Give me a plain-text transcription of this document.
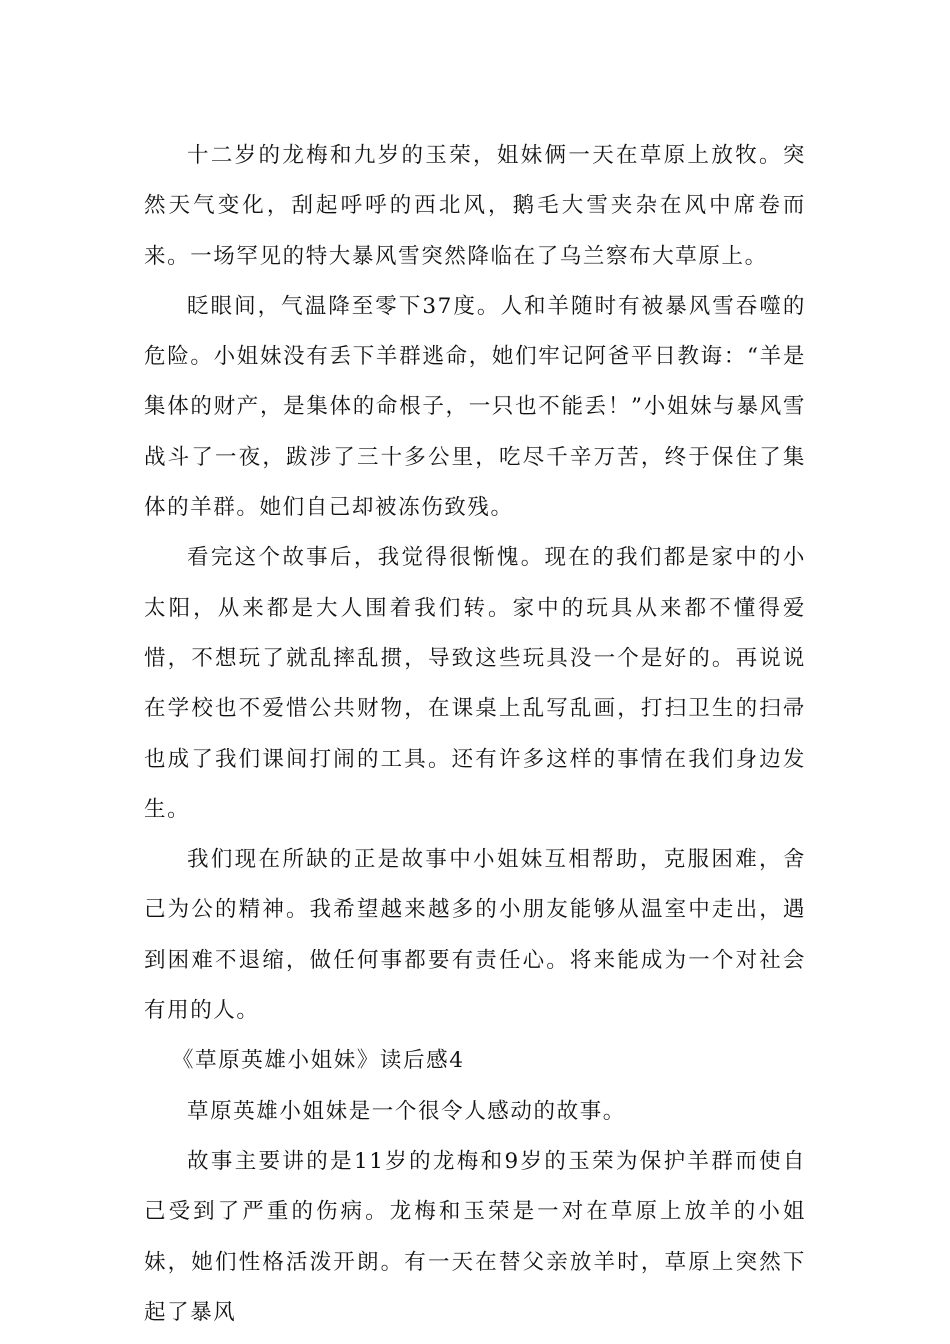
十二岁的龙梅和九岁的玉荣，姐妹俩一天在草原上放牧。突然天气变化，刮起呼呼的西北风，鹅毛大雪夹杂在风中席卷而来。一场罕见的特大暴风雪突然降临在了乌兰察布大草原上。

眨眼间，气温降至零下37度。人和羊随时有被暴风雪吞噬的危险。小姐妹没有丢下羊群逃命，她们牢记阿爸平日教诲：“羊是集体的财产，是集体的命根子，一只也不能丢！”小姐妹与暴风雪战斗了一夜，跋涉了三十多公里，吃尽千辛万苦，终于保住了集体的羊群。她们自己却被冻伤致残。

看完这个故事后，我觉得很惭愧。现在的我们都是家中的小太阳，从来都是大人围着我们转。家中的玩具从来都不懂得爱惜，不想玩了就乱摔乱掼，导致这些玩具没一个是好的。再说说在学校也不爱惜公共财物，在课桌上乱写乱画，打扫卫生的扫帚也成了我们课间打闹的工具。还有许多这样的事情在我们身边发生。

我们现在所缺的正是故事中小姐妹互相帮助，克服困难，舍己为公的精神。我希望越来越多的小朋友能够从温室中走出，遇到困难不退缩，做任何事都要有责任心。将来能成为一个对社会有用的人。

《草原英雄小姐妹》读后感4

草原英雄小姐妹是一个很令人感动的故事。

故事主要讲的是11岁的龙梅和9岁的玉荣为保护羊群而使自己受到了严重的伤病。龙梅和玉荣是一对在草原上放羊的小姐妹，她们性格活泼开朗。有一天在替父亲放羊时，草原上突然下起了暴风
